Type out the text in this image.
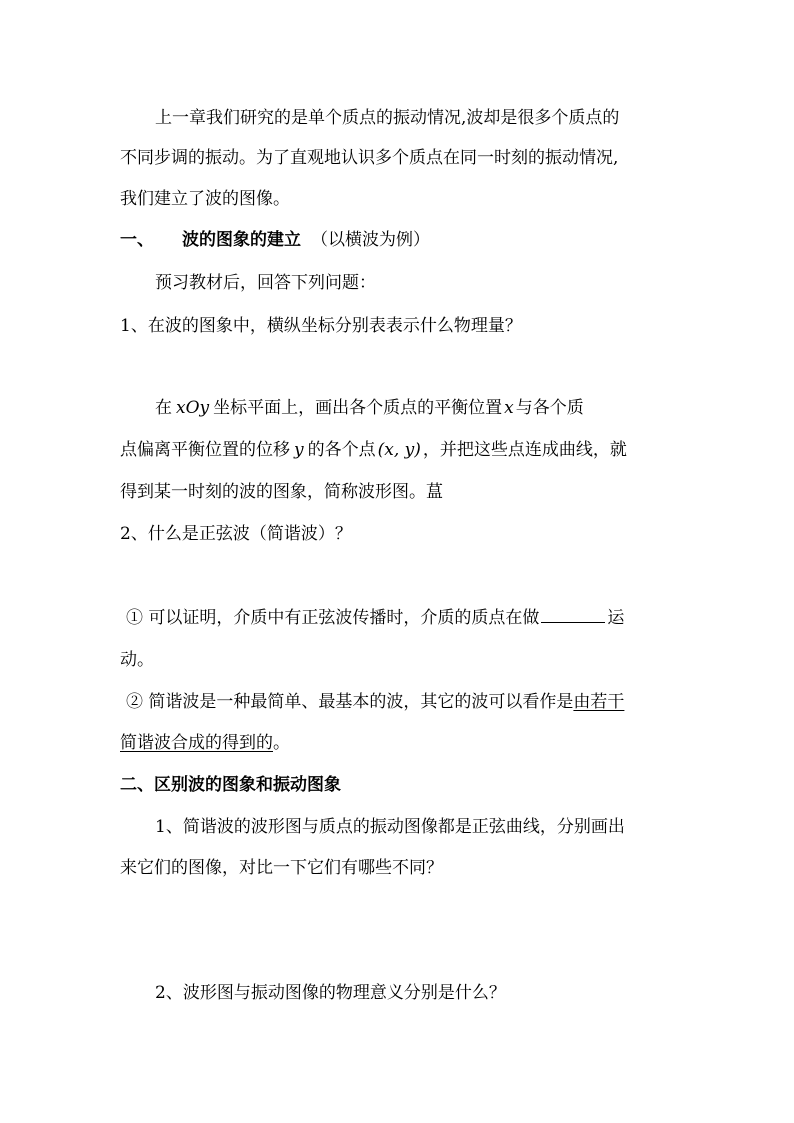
上一章我们研究的是单个质点的振动情况,波却是很多个质点的
不同步调的振动。为了直观地认识多个质点在同一时刻的振动情况,
我们建立了波的图像。
一、 波的图象的建立 （以横波为例）
预习教材后，回答下列问题：
1、在波的图象中，横纵坐标分别表表示什么物理量？
在 xOy 坐标平面上，画出各个质点的平衡位置 x 与各个质
点偏离平衡位置的位移 y 的各个点 (x, y) ，并把这些点连成曲线，就
得到某一时刻的波的图象，简称波形图。蒀
2、什么是正弦波（简谐波）？
① 可以证明，介质中有正弦波传播时，介质的质点在做	运
动。
② 简谐波是一种最简单、最基本的波，其它的波可以看作是由若干
简谐波合成的得到的。
二、区别波的图象和振动图象
1、简谐波的波形图与质点的振动图像都是正弦曲线，分别画出
来它们的图像，对比一下它们有哪些不同？
2、波形图与振动图像的物理意义分别是什么？
